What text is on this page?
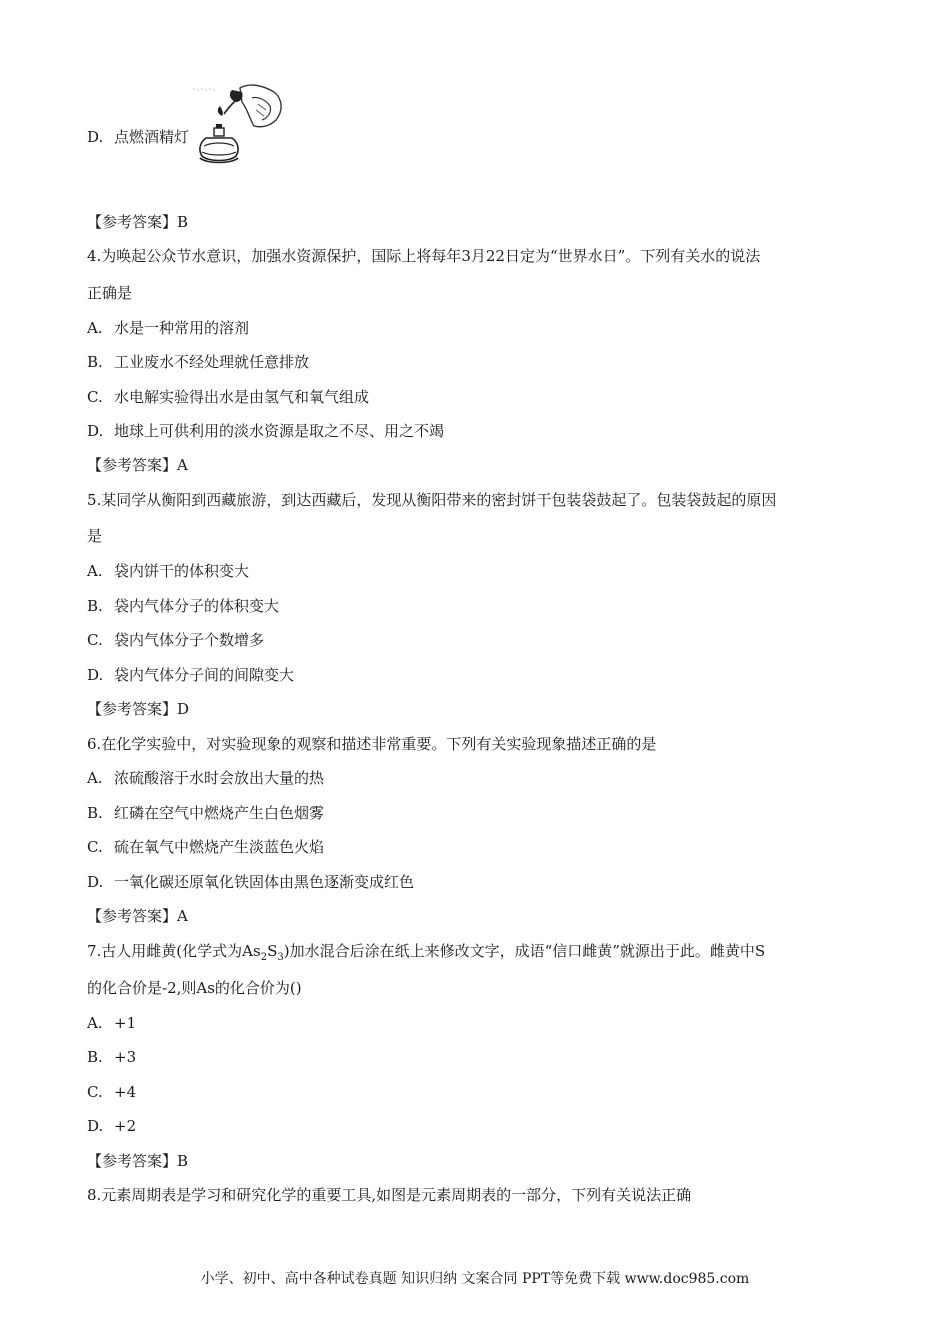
D. 点燃酒精灯
【参考答案】B
4.为唤起公众节水意识，加强水资源保护，国际上将每年3月22日定为“世界水日”。下列有关水的说法
正确是
A. 水是一种常用的溶剂
B. 工业废水不经处理就任意排放
C. 水电解实验得出水是由氢气和氧气组成
D. 地球上可供利用的淡水资源是取之不尽、用之不竭
【参考答案】A
5.某同学从衡阳到西藏旅游，到达西藏后，发现从衡阳带来的密封饼干包装袋鼓起了。包装袋鼓起的原因
是
A. 袋内饼干的体积变大
B. 袋内气体分子的体积变大
C. 袋内气体分子个数增多
D. 袋内气体分子间的间隙变大
【参考答案】D
6.在化学实验中，对实验现象的观察和描述非常重要。下列有关实验现象描述正确的是
A. 浓硫酸溶于水时会放出大量的热
B. 红磷在空气中燃烧产生白色烟雾
C. 硫在氧气中燃烧产生淡蓝色火焰
D. 一氧化碳还原氧化铁固体由黑色逐渐变成红色
【参考答案】A
7.古人用雌黄(化学式为$As_2S_3$)加水混合后涂在纸上来修改文字，成语“信口雌黄”就源出于此。雌黄中S
的化合价是-2,则As的化合价为()
A. +1
B. +3
C. +4
D. +2
【参考答案】B
8.元素周期表是学习和研究化学的重要工具,如图是元素周期表的一部分，下列有关说法正确
小学、初中、高中各种试卷真题 知识归纳 文案合同 PPT等免费下载 www.doc985.com
